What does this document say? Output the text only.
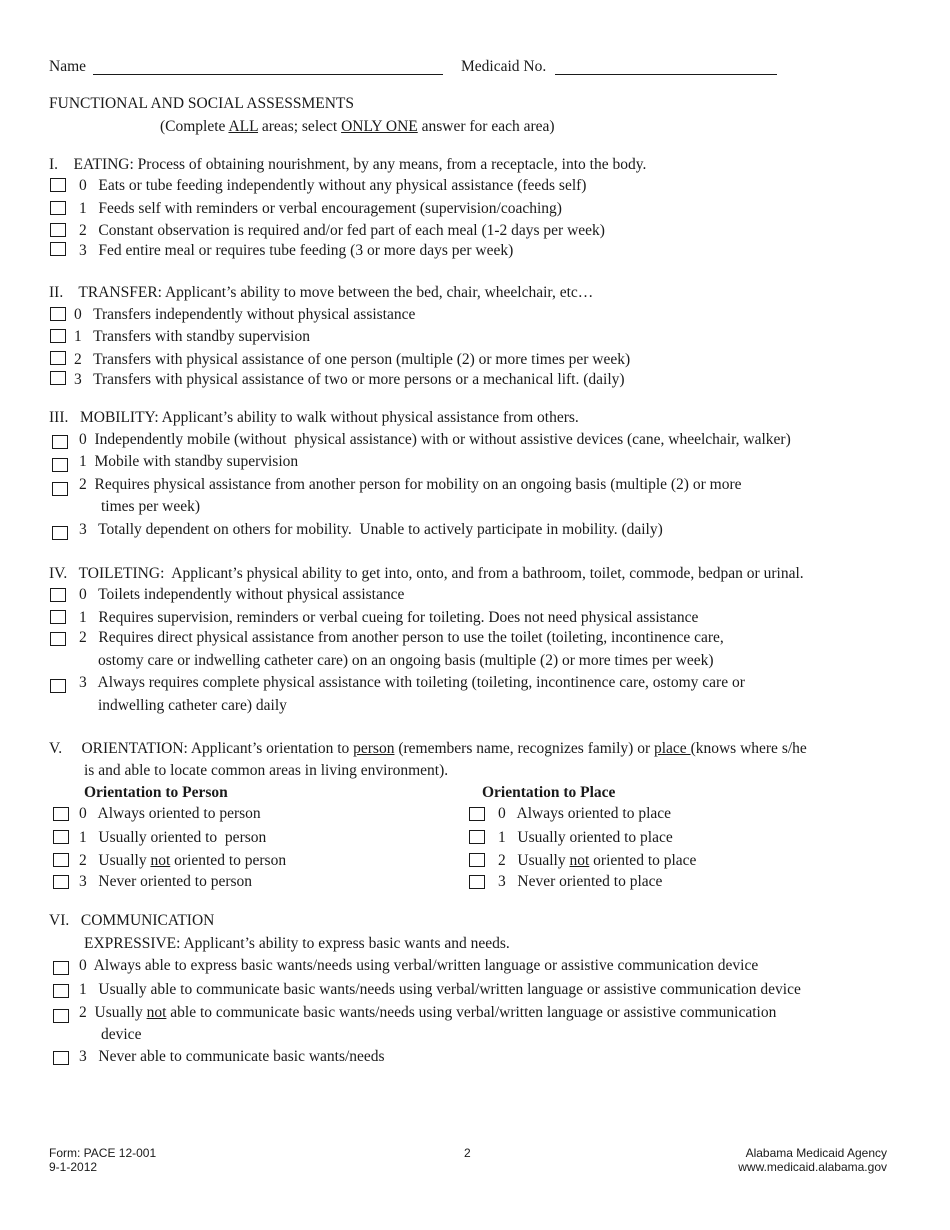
Name	Medicaid No.
FUNCTIONAL AND SOCIAL ASSESSMENTS
(Complete ALL areas; select ONLY ONE answer for each area)
I.    EATING: Process of obtaining nourishment, by any means, from a receptacle, into the body.
0   Eats or tube feeding independently without any physical assistance (feeds self)
1   Feeds self with reminders or verbal encouragement (supervision/coaching)
2   Constant observation is required and/or fed part of each meal (1-2 days per week)
3   Fed entire meal or requires tube feeding (3 or more days per week)
II.    TRANSFER: Applicant’s ability to move between the bed, chair, wheelchair, etc…
0   Transfers independently without physical assistance
1   Transfers with standby supervision
2   Transfers with physical assistance of one person (multiple (2) or more times per week)
3   Transfers with physical assistance of two or more persons or a mechanical lift. (daily)
III.   MOBILITY: Applicant’s ability to walk without physical assistance from others.
0  Independently mobile (without  physical assistance) with or without assistive devices (cane, wheelchair, walker)
1  Mobile with standby supervision
2  Requires physical assistance from another person for mobility on an ongoing basis (multiple (2) or more
times per week)
3   Totally dependent on others for mobility.  Unable to actively participate in mobility. (daily)
IV.   TOILETING:  Applicant’s physical ability to get into, onto, and from a bathroom, toilet, commode, bedpan or urinal.
0   Toilets independently without physical assistance
1   Requires supervision, reminders or verbal cueing for toileting. Does not need physical assistance
2   Requires direct physical assistance from another person to use the toilet (toileting, incontinence care,
ostomy care or indwelling catheter care) on an ongoing basis (multiple (2) or more times per week)
3   Always requires complete physical assistance with toileting (toileting, incontinence care, ostomy care or
indwelling catheter care) daily
V.     ORIENTATION: Applicant’s orientation to person (remembers name, recognizes family) or place (knows where s/he
is and able to locate common areas in living environment).
Orientation to Person	Orientation to Place
0   Always oriented to person
1   Usually oriented to  person
2   Usually not oriented to person
3   Never oriented to person
0   Always oriented to place
1   Usually oriented to place
2   Usually not oriented to place
3   Never oriented to place
VI.   COMMUNICATION
EXPRESSIVE: Applicant’s ability to express basic wants and needs.
0  Always able to express basic wants/needs using verbal/written language or assistive communication device
1   Usually able to communicate basic wants/needs using verbal/written language or assistive communication device
2  Usually not able to communicate basic wants/needs using verbal/written language or assistive communication
device
3   Never able to communicate basic wants/needs
Form: PACE 12-001
9-1-2012
2	Alabama Medicaid Agency
www.medicaid.alabama.gov
